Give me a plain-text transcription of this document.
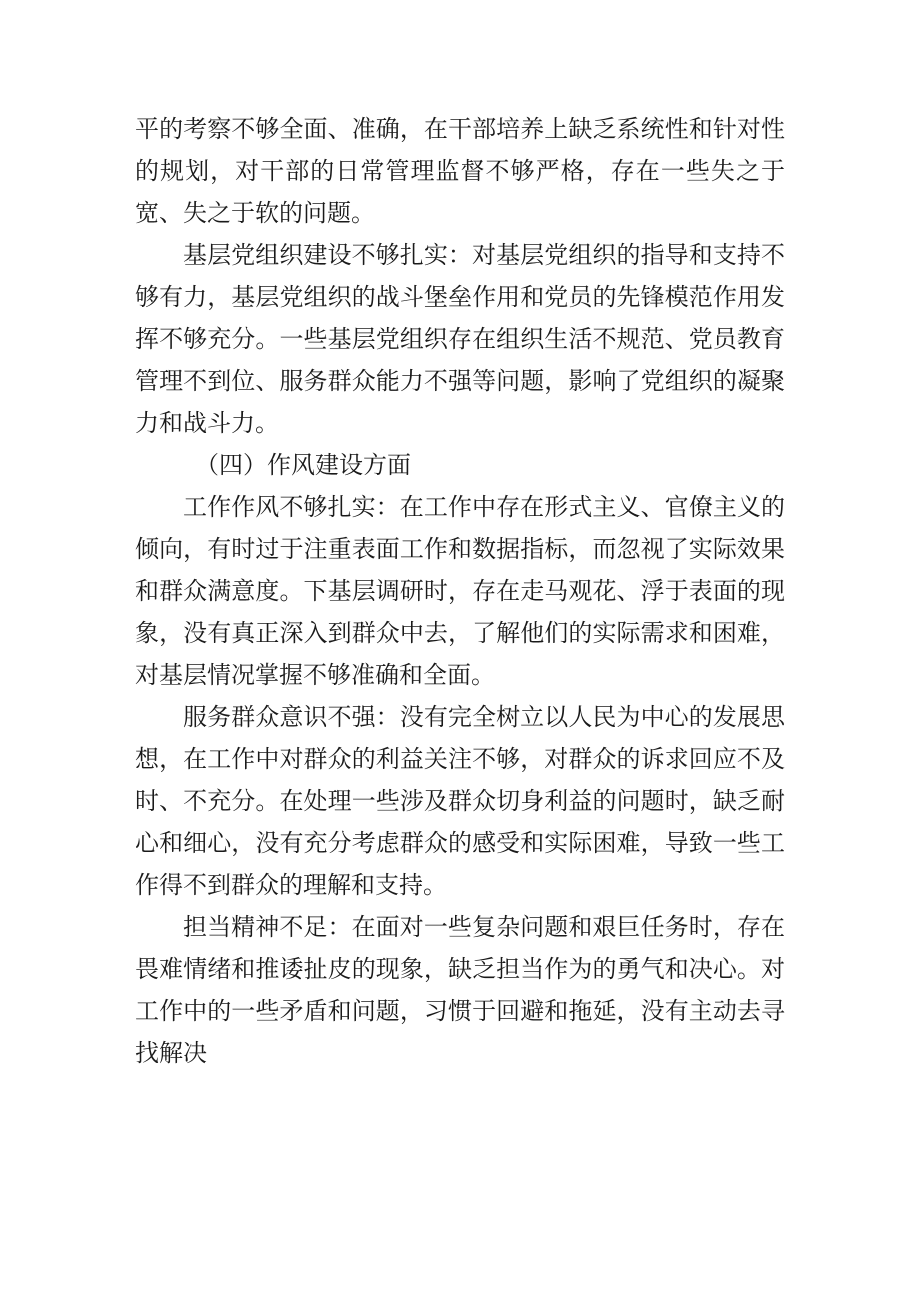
平的考察不够全面、准确，在干部培养上缺乏系统性和针对性的规划，对干部的日常管理监督不够严格，存在一些失之于宽、失之于软的问题。

基层党组织建设不够扎实：对基层党组织的指导和支持不够有力，基层党组织的战斗堡垒作用和党员的先锋模范作用发挥不够充分。一些基层党组织存在组织生活不规范、党员教育管理不到位、服务群众能力不强等问题，影响了党组织的凝聚力和战斗力。

（四）作风建设方面

工作作风不够扎实：在工作中存在形式主义、官僚主义的倾向，有时过于注重表面工作和数据指标，而忽视了实际效果和群众满意度。下基层调研时，存在走马观花、浮于表面的现象，没有真正深入到群众中去，了解他们的实际需求和困难，对基层情况掌握不够准确和全面。

服务群众意识不强：没有完全树立以人民为中心的发展思想，在工作中对群众的利益关注不够，对群众的诉求回应不及时、不充分。在处理一些涉及群众切身利益的问题时，缺乏耐心和细心，没有充分考虑群众的感受和实际困难，导致一些工作得不到群众的理解和支持。

担当精神不足：在面对一些复杂问题和艰巨任务时，存在畏难情绪和推诿扯皮的现象，缺乏担当作为的勇气和决心。对工作中的一些矛盾和问题，习惯于回避和拖延，没有主动去寻找解决
